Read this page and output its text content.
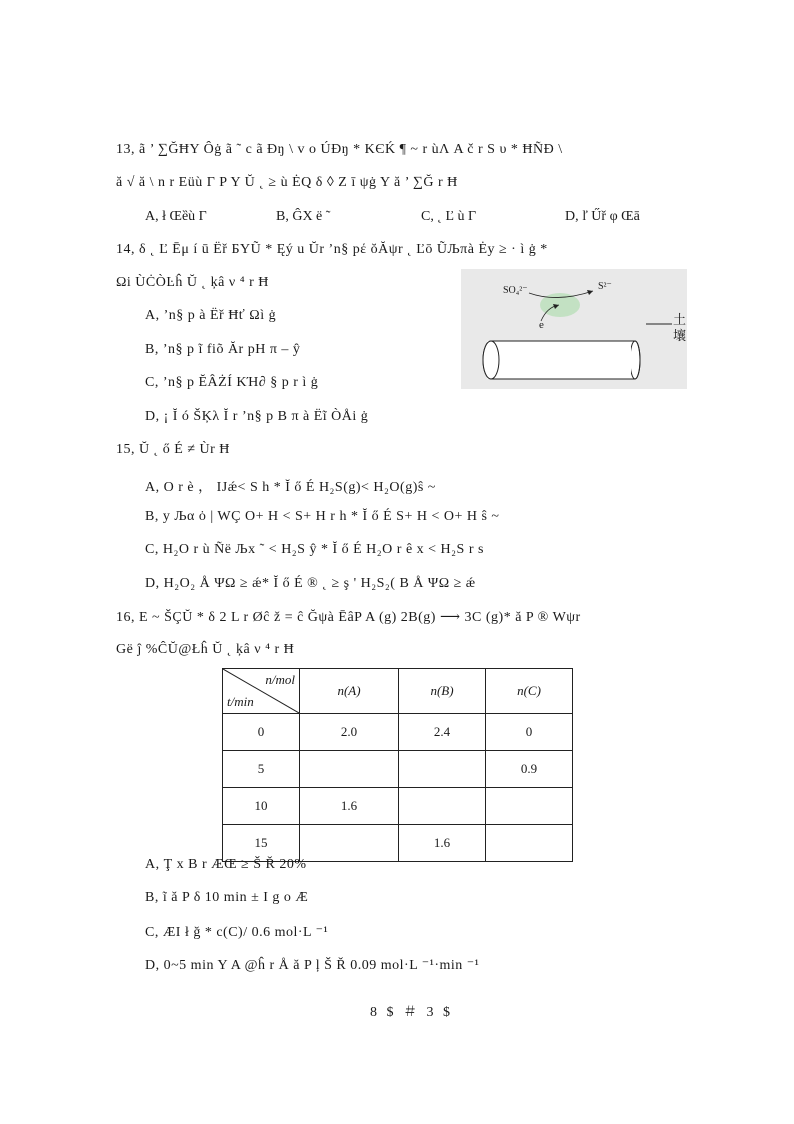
13, ã ’ ∑ĞĦY Ôġ ã ˜ c ã Đŋ \ v o ÚĐŋ * KЄḰ ¶ ~ r ùΛ A č r S υ * ĦÑĐ \
ă √ ă \ n r Eüù Γ P Y Ŭ ˛ ≥ ù ĖQ δ ◊ Z ī ψġ Y ă ’ ∑Ğ r Ħ
A, ł Œȅù Γ	B, ĜX ё ˜	C, ˛ Ľ ù Γ	D, ľ Űř φ Œā
14, δ ˛ Ľ Ēμ í ū Ëř БYŨ * Ęý u Ŭr ʼn§ pέ ŏĂψr ˛ Ľō ŨЉπà Ėy ≥ · ì ġ *
Ωi ÙĊÒĿĥ Ŭ ˛ ķâ ν ⁴ r Ħ
A, ʼn§ p à Ëř Ħť Ωì ġ
B, ʼn§ p ĩ fiõ Ăr pH π – ŷ
C, ʼn§ p ĔÂŻÍ ΚΉ∂ § p r ì ġ
D, ¡ Ĭ ó ŠĶλ Ĭ r ʼn§ p B π à Ëĩ ÒÅi ġ
SO₄²⁻	S²⁻
e	土壤
15, Ŭ ˛ ő É ≠ Ùr Ħ
A, O r è ， IJǽ< S h * Ĭ ő É H₂S(g)< H₂O(g)ŝ ~
B, y Љα ȯ | WÇ O+ H < S+ H r h * Ĭ ő É S+ H < O+ H ŝ ~
C, H₂O r ù Ñë Љx ˜ < H₂S ŷ * Ĭ ő É H₂O r ê x < H₂S r s
D, H₂O₂ Å ΨΩ ≥ ǽ* Ĭ ő É ® ˛ ≥ ş ' H₂S₂( B Å ΨΩ ≥ ǽ
16, E ~ ŠÇŬ * δ 2 L r Øĉ ž = ĉ Ğψà ĒâP A (g) 2B(g) ⟶ 3C (g)* ă P ® Wψr
Gë ĵ %ĈŬ@Łĥ Ŭ ˛ ķâ ν ⁴ r Ħ
n/mol
t/min	n(A)	n(B)	n(C)
0	2.0	2.4	0
5			0.9
10	1.6		
15		1.6	
A, Ţ x B r ÆŒ ≥ Š Ř 20%
B, ĩ ă P δ 10 min ± I g o Æ
C, ÆI ł ğ * c(C)/ 0.6 mol·L ⁻¹
D, 0~5 min Y A @ĥ r Å ă P ļ Š Ř 0.09 mol·L ⁻¹·min ⁻¹
8 $ ＃ 3 $
